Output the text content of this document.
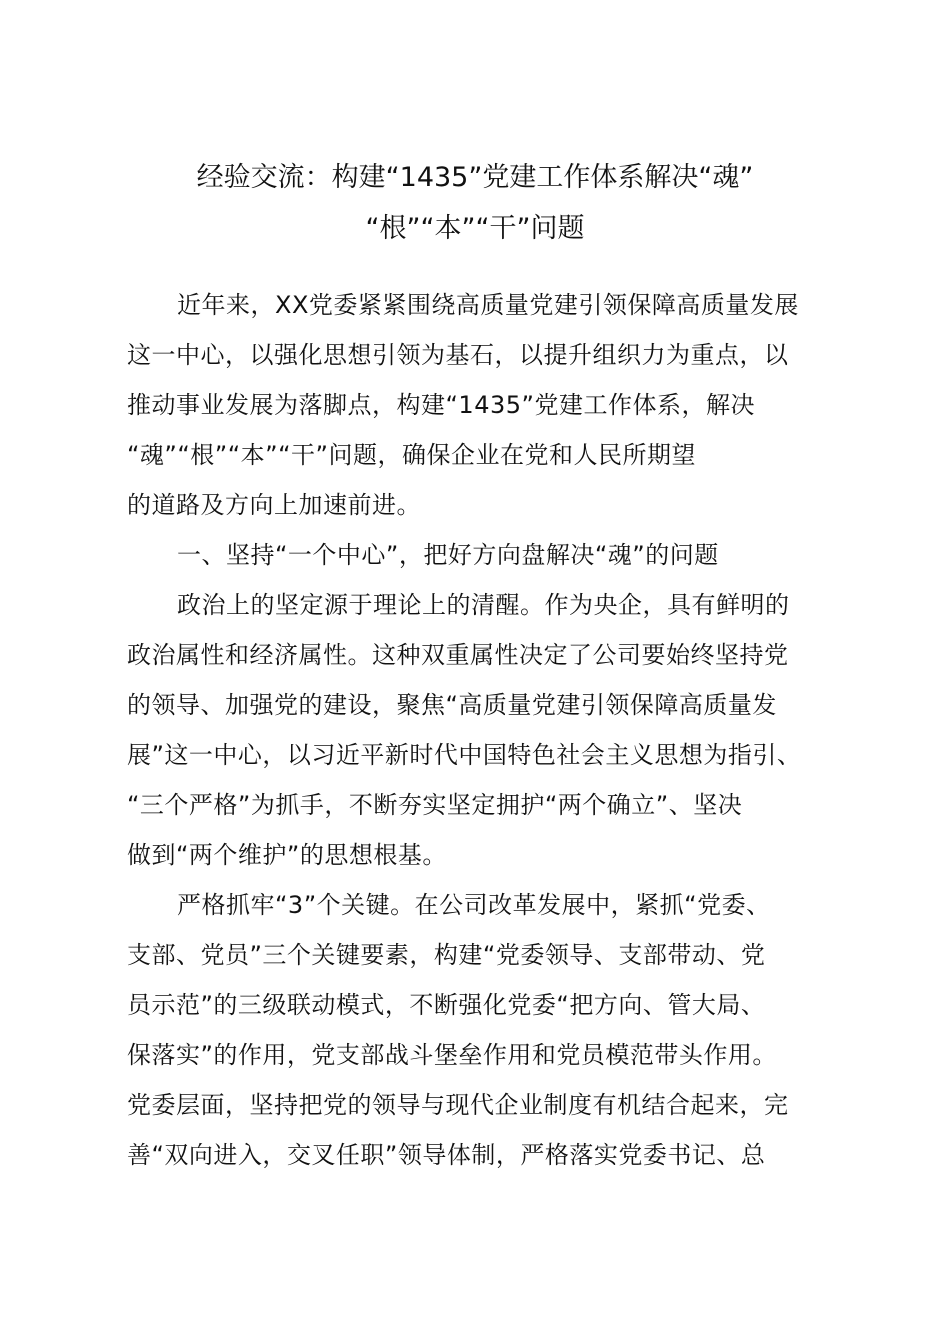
经验交流：构建“1435”党建工作体系解决“魂”
“根”“本”“干”问题

近年来，XX党委紧紧围绕高质量党建引领保障高质量发展
这一中心，以强化思想引领为基石，以提升组织力为重点，以
推动事业发展为落脚点，构建“1435”党建工作体系，解决
“魂”“根”“本”“干”问题，确保企业在党和人民所期望
的道路及方向上加速前进。

一、坚持“一个中心”，把好方向盘解决“魂”的问题

政治上的坚定源于理论上的清醒。作为央企，具有鲜明的
政治属性和经济属性。这种双重属性决定了公司要始终坚持党
的领导、加强党的建设，聚焦“高质量党建引领保障高质量发
展”这一中心，以习近平新时代中国特色社会主义思想为指引、
“三个严格”为抓手，不断夯实坚定拥护“两个确立”、坚决
做到“两个维护”的思想根基。

严格抓牢“3”个关键。在公司改革发展中，紧抓“党委、
支部、党员”三个关键要素，构建“党委领导、支部带动、党
员示范”的三级联动模式，不断强化党委“把方向、管大局、
保落实”的作用，党支部战斗堡垒作用和党员模范带头作用。
党委层面，坚持把党的领导与现代企业制度有机结合起来，完
善“双向进入，交叉任职”领导体制，严格落实党委书记、总
